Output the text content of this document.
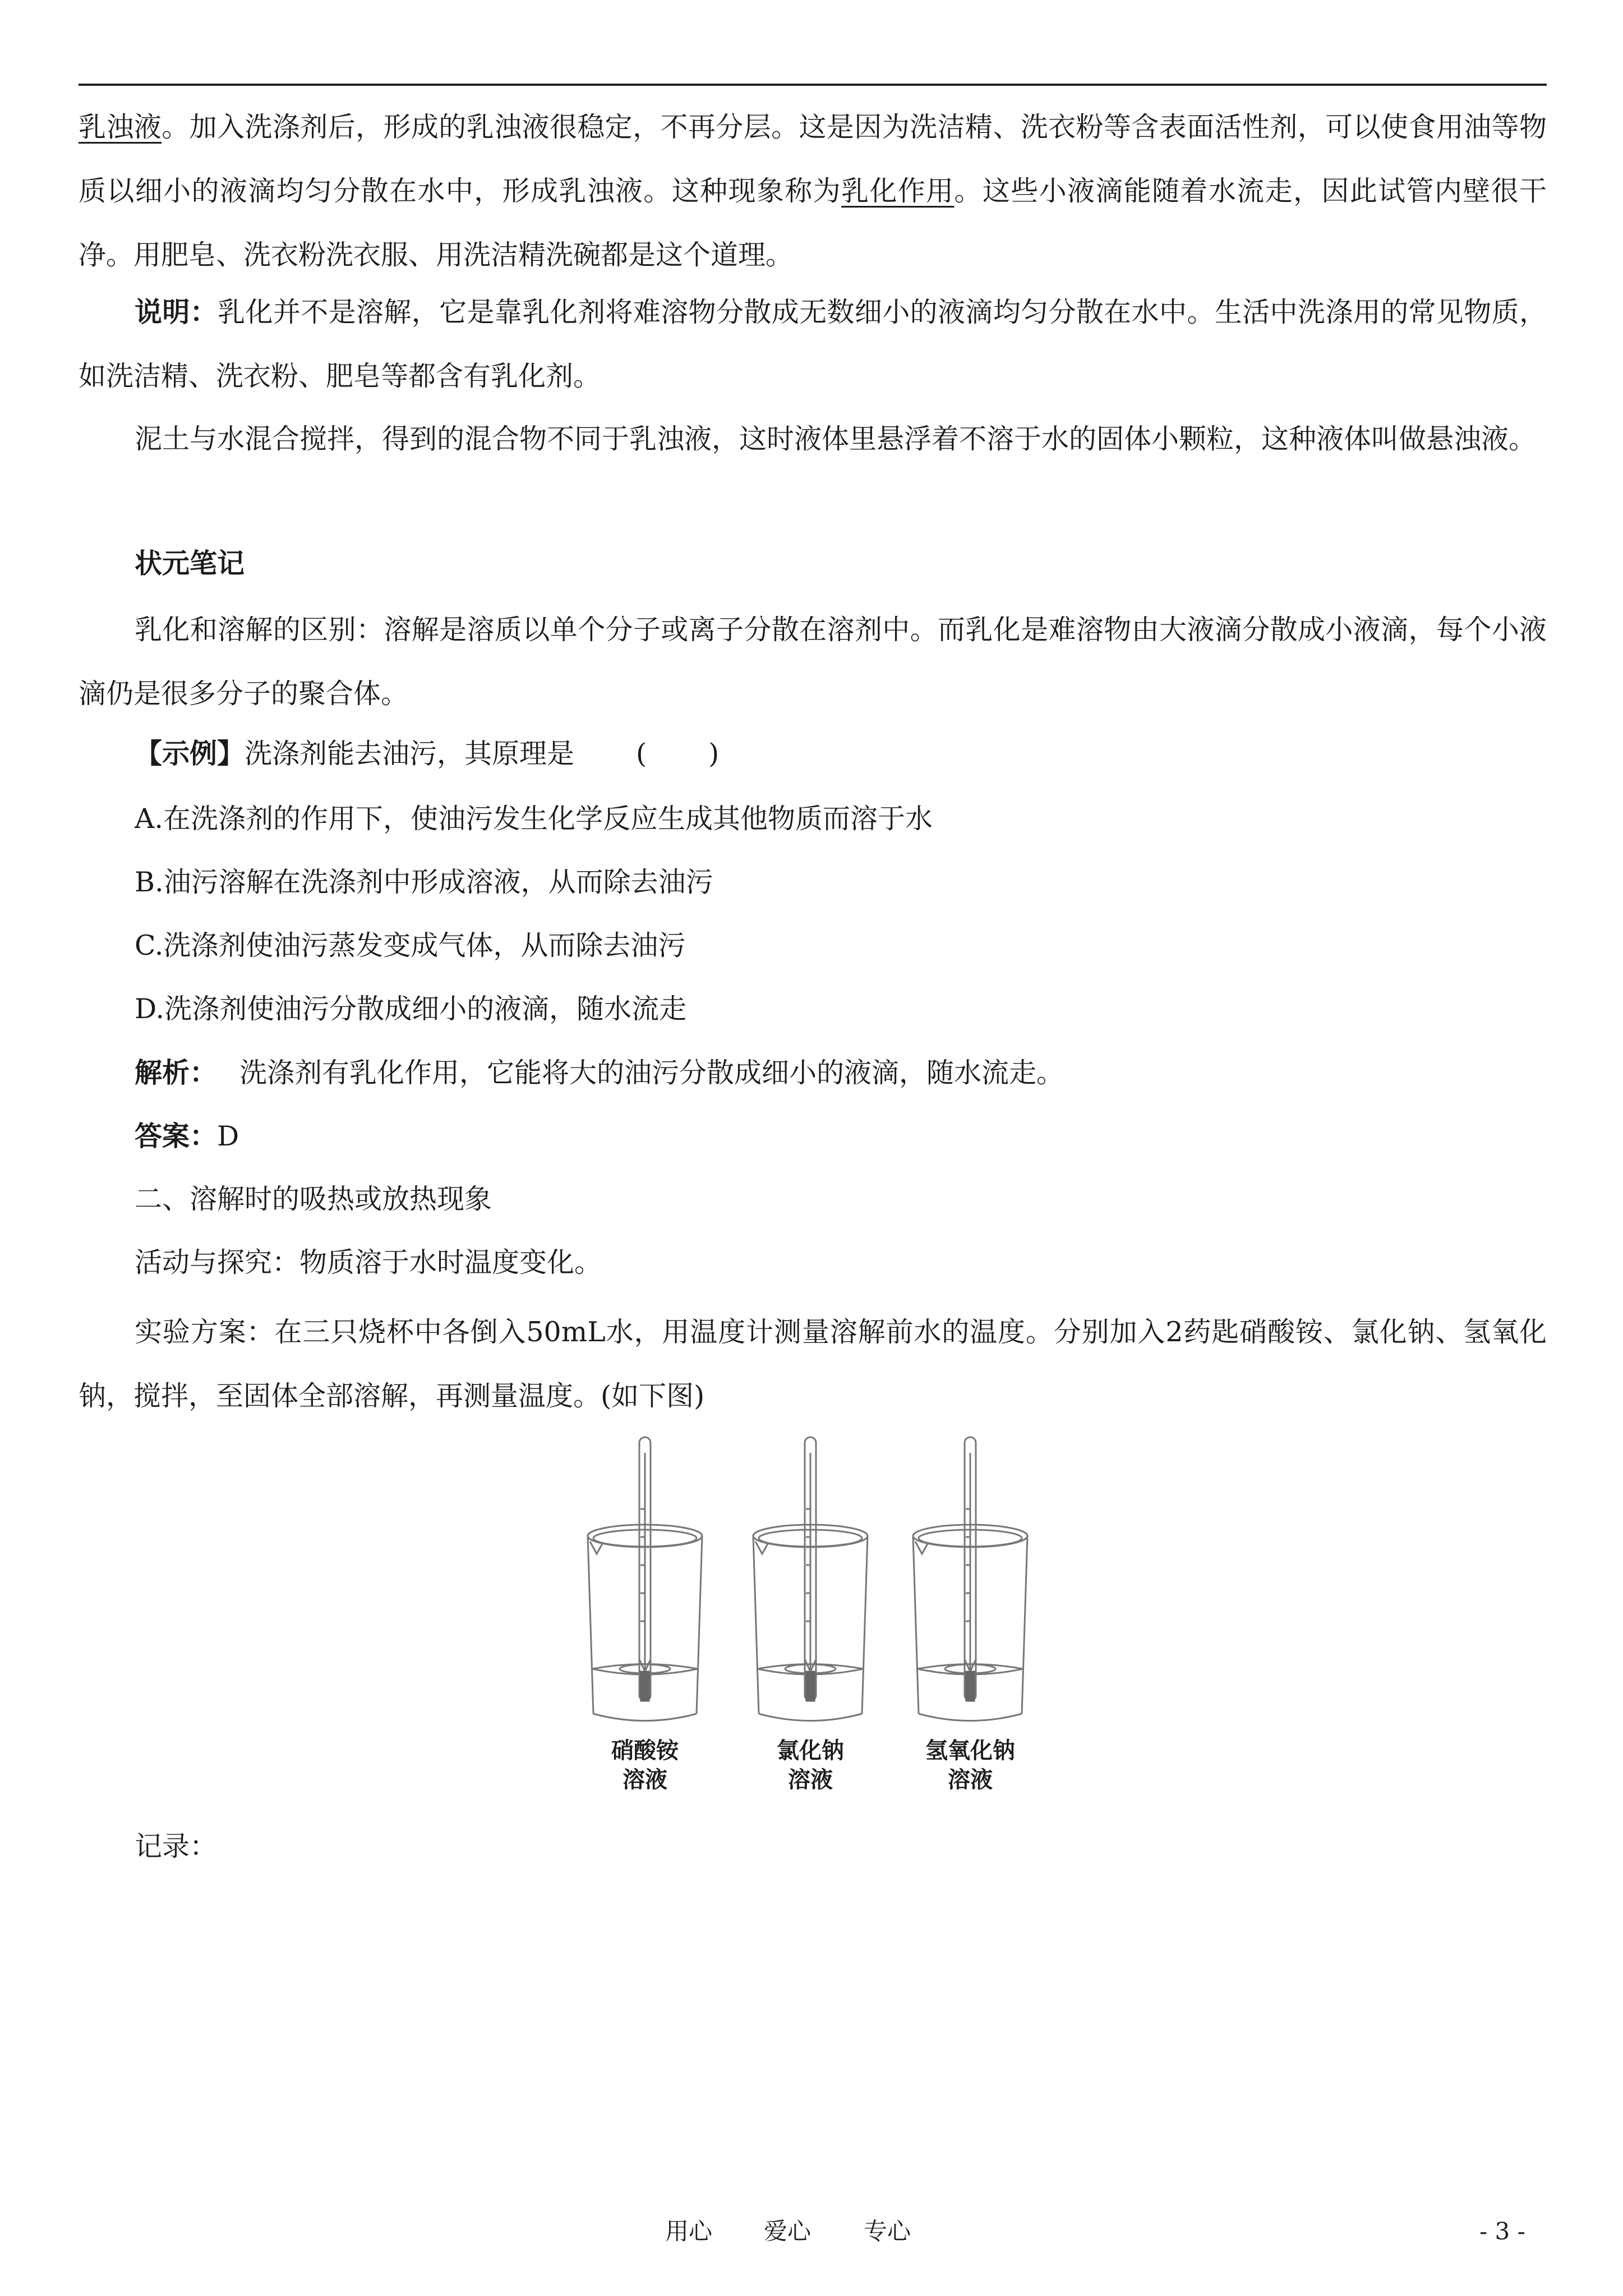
乳浊液。加入洗涤剂后，形成的乳浊液很稳定，不再分层。这是因为洗洁精、洗衣粉等含表面活性剂，可以使食用油等物质以细小的液滴均匀分散在水中，形成乳浊液。这种现象称为乳化作用。这些小液滴能随着水流走，因此试管内壁很干净。用肥皂、洗衣粉洗衣服、用洗洁精洗碗都是这个道理。

说明：乳化并不是溶解，它是靠乳化剂将难溶物分散成无数细小的液滴均匀分散在水中。生活中洗涤用的常见物质，如洗洁精、洗衣粉、肥皂等都含有乳化剂。

泥土与水混合搅拌，得到的混合物不同于乳浊液，这时液体里悬浮着不溶于水的固体小颗粒，这种液体叫做悬浊液。

状元笔记

乳化和溶解的区别：溶解是溶质以单个分子或离子分散在溶剂中。而乳化是难溶物由大液滴分散成小液滴，每个小液滴仍是很多分子的聚合体。

【示例】洗涤剂能去油污，其原理是 ( )

A.在洗涤剂的作用下，使油污发生化学反应生成其他物质而溶于水

B.油污溶解在洗涤剂中形成溶液，从而除去油污

C.洗涤剂使油污蒸发变成气体，从而除去油污

D.洗涤剂使油污分散成细小的液滴，随水流走

解析： 洗涤剂有乳化作用，它能将大的油污分散成细小的液滴，随水流走。

答案：D

二、溶解时的吸热或放热现象

活动与探究：物质溶于水时温度变化。

实验方案：在三只烧杯中各倒入50mL水，用温度计测量溶解前水的温度。分别加入2药匙硝酸铵、氯化钠、氢氧化钠，搅拌，至固体全部溶解，再测量温度。(如下图)

硝酸铵
溶液
氯化钠
溶液
氢氧化钠
溶液

记录：

用心 爱心 专心	- 3 -
